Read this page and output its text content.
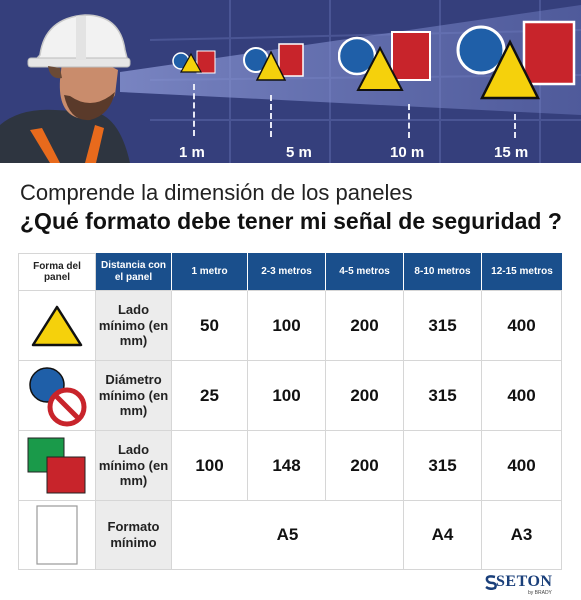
1 m	5 m	10 m	15 m
Comprende la dimensión de los paneles
¿Qué formato debe tener mi señal de seguridad ?
Forma del panel
Distancia con el panel
1 metro	2-3 metros	4-5 metros	8-10 metros	12-15 metros
Lado mínimo (en mm)
50	100	200	315	400
Diámetro mínimo (en mm)
25	100	200	315	400
Lado mínimo (en mm)
100	148	200	315	400
Formato mínimo	A5	A4	A3
SETON
by BRADY
